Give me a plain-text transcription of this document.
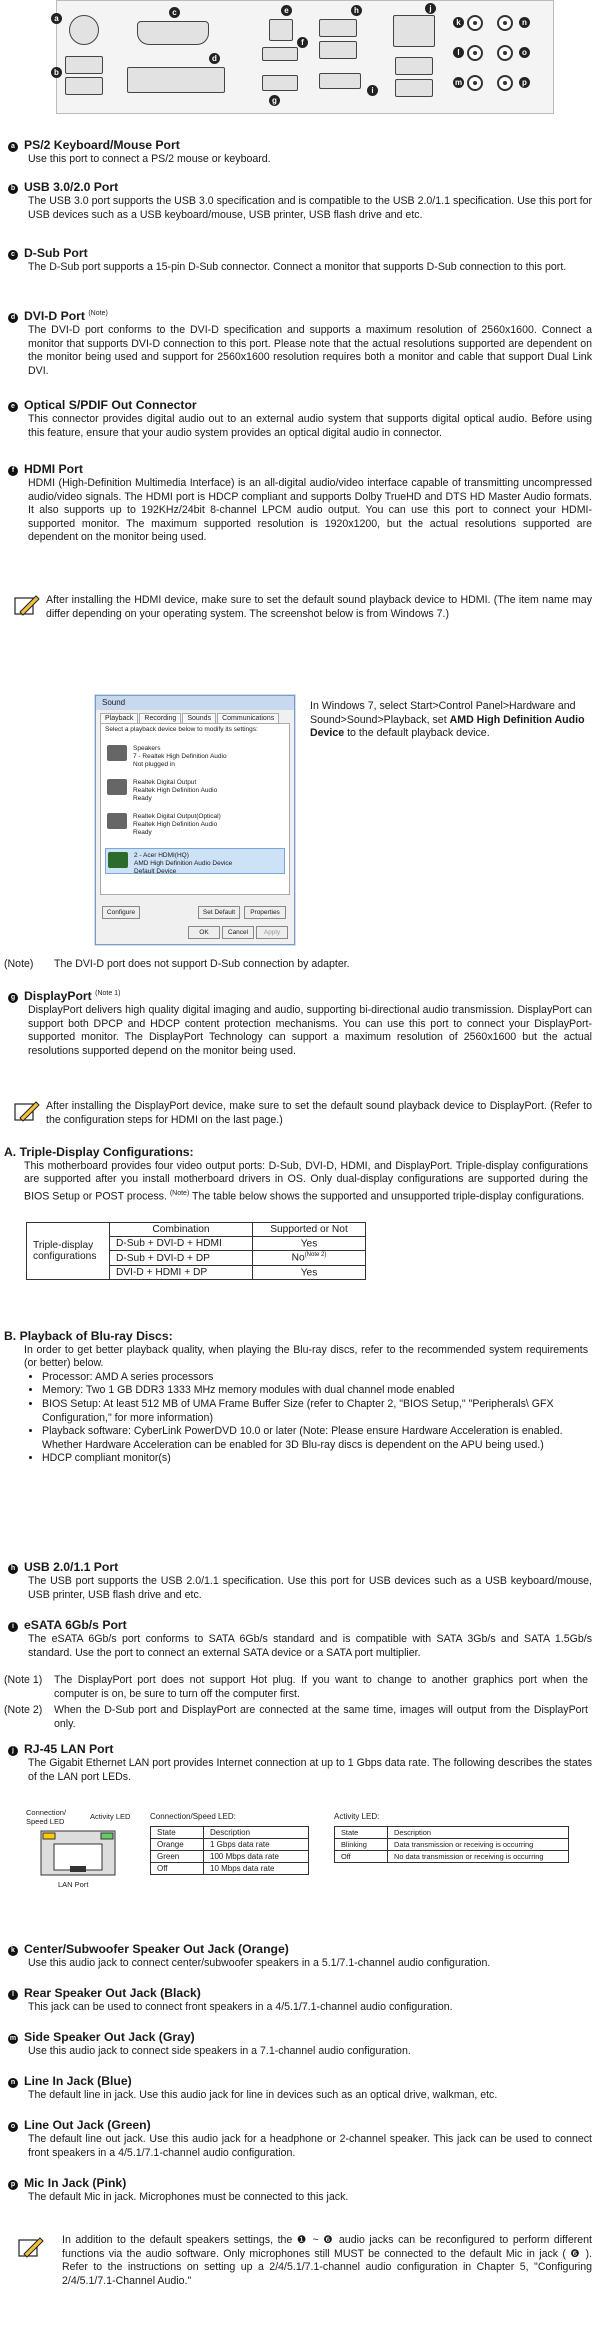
a
b
c
d
e
f
g
h
i
j
k
l
m
n
o
p
a PS/2 Keyboard/Mouse Port
Use this port to connect a PS/2 mouse or keyboard.
b USB 3.0/2.0 Port
The USB 3.0 port supports the USB 3.0 specification and is compatible to the USB 2.0/1.1 specification. Use this port for USB devices such as a USB keyboard/mouse, USB printer, USB flash drive and etc.
c D-Sub Port
The D-Sub port supports a 15-pin D-Sub connector. Connect a monitor that supports D-Sub connection to this port.
d DVI-D Port $^{(Note)}$
The DVI-D port conforms to the DVI-D specification and supports a maximum resolution of 2560x1600. Connect a monitor that supports DVI-D connection to this port. Please note that the actual resolutions supported are dependent on the monitor being used and support for 2560x1600 resolution requires both a monitor and cable that support Dual Link DVI.
e Optical S/PDIF Out Connector
This connector provides digital audio out to an external audio system that supports digital optical audio. Before using this feature, ensure that your audio system provides an optical digital audio in connector.
f HDMI Port
HDMI (High-Definition Multimedia Interface) is an all-digital audio/video interface capable of transmitting uncompressed audio/video signals. The HDMI port is HDCP compliant and supports Dolby TrueHD and DTS HD Master Audio formats. It also supports up to 192KHz/24bit 8-channel LPCM audio output. You can use this port to connect your HDMI-supported monitor. The maximum supported resolution is 1920x1200, but the actual resolutions supported are dependent on the monitor being used.
After installing the HDMI device, make sure to set the default sound playback device to HDMI. (The item name may differ depending on your operating system. The screenshot below is from Windows 7.)
Sound
Playback	Recording	Sounds	Communications
Select a playback device below to modify its settings:
Speakers
7 - Realtek High Definition Audio
Not plugged in
Realtek Digital Output
Realtek High Definition Audio
Ready
Realtek Digital Output(Optical)
Realtek High Definition Audio
Ready
2 - Acer HDMI(HQ)
AMD High Definition Audio Device
Default Device
Configure	Set Default	Properties
OK	Cancel	Apply
In Windows 7, select Start>Control Panel>Hardware and Sound>Sound>Playback, set AMD High Definition Audio Device to the default playback device.
(Note)	The DVI-D port does not support D-Sub connection by adapter.
g DisplayPort $^{(Note 1)}$
DisplayPort delivers high quality digital imaging and audio, supporting bi-directional audio transmission. DisplayPort can support both DPCP and HDCP content protection mechanisms. You can use this port to connect your DisplayPort-supported monitor. The DisplayPort Technology can support a maximum resolution of 2560x1600 but the actual resolutions supported depend on the monitor being used.
After installing the DisplayPort device, make sure to set the default sound playback device to DisplayPort. (Refer to the configuration steps for HDMI on the last page.)
A. Triple-Display Configurations:
This motherboard provides four video output ports: D-Sub, DVI-D, HDMI, and DisplayPort. Triple-display configurations are supported after you install motherboard drivers in OS. Only dual-display configurations are supported during the BIOS Setup or POST process. $^{(Note)}$ The table below shows the supported and unsupported triple-display configurations.
Triple-display configurations	Combination	Supported or Not
	D-Sub + DVI-D + HDMI	Yes
	D-Sub + DVI-D + DP	$No^{(Note 2)}$
	DVI-D + HDMI + DP	Yes
B. Playback of Blu-ray Discs:
In order to get better playback quality, when playing the Blu-ray discs, refer to the recommended system requirements (or better) below.
• Processor: AMD A series processors
• Memory: Two 1 GB DDR3 1333 MHz memory modules with dual channel mode enabled
• BIOS Setup: At least 512 MB of UMA Frame Buffer Size (refer to Chapter 2, "BIOS Setup," "Peripherals\ GFX Configuration," for more information)
• Playback software: CyberLink PowerDVD 10.0 or later (Note: Please ensure Hardware Acceleration is enabled. Whether Hardware Acceleration can be enabled for 3D Blu-ray discs is dependent on the APU being used.)
• HDCP compliant monitor(s)
h USB 2.0/1.1 Port
The USB port supports the USB 2.0/1.1 specification. Use this port for USB devices such as a USB keyboard/mouse, USB printer, USB flash drive and etc.
i eSATA 6Gb/s Port
The eSATA 6Gb/s port conforms to SATA 6Gb/s standard and is compatible with SATA 3Gb/s and SATA 1.5Gb/s standard. Use the port to connect an external SATA device or a SATA port multiplier.
(Note 1)	The DisplayPort port does not support Hot plug. If you want to change to another graphics port when the computer is on, be sure to turn off the computer first.
(Note 2)	When the D-Sub port and DisplayPort are connected at the same time, images will output from the DisplayPort only.
j RJ-45 LAN Port
The Gigabit Ethernet LAN port provides Internet connection at up to 1 Gbps data rate. The following describes the states of the LAN port LEDs.
Connection/ Speed LED
Activity LED
LAN Port
Connection/Speed LED:
State	Description
Orange	1 Gbps data rate
Green	100 Mbps data rate
Off	10 Mbps data rate
Activity LED:
State	Description
Blinking	Data transmission or receiving is occurring
Off	No data transmission or receiving is occurring
k Center/Subwoofer Speaker Out Jack (Orange)
Use this audio jack to connect center/subwoofer speakers in a 5.1/7.1-channel audio configuration.
l Rear Speaker Out Jack (Black)
This jack can be used to connect front speakers in a 4/5.1/7.1-channel audio configuration.
m Side Speaker Out Jack (Gray)
Use this audio jack to connect side speakers in a 7.1-channel audio configuration.
n Line In Jack (Blue)
The default line in jack. Use this audio jack for line in devices such as an optical drive, walkman, etc.
o Line Out Jack (Green)
The default line out jack. Use this audio jack for a headphone or 2-channel speaker. This jack can be used to connect front speakers in a 4/5.1/7.1-channel audio configuration.
p Mic In Jack (Pink)
The default Mic in jack. Microphones must be connected to this jack.
In addition to the default speakers settings, the ❶ ~ ❻ audio jacks can be reconfigured to perform different functions via the audio software. Only microphones still MUST be connected to the default Mic in jack ( ❻ ). Refer to the instructions on setting up a 2/4/5.1/7.1-channel audio configuration in Chapter 5, "Configuring 2/4/5.1/7.1-Channel Audio."
